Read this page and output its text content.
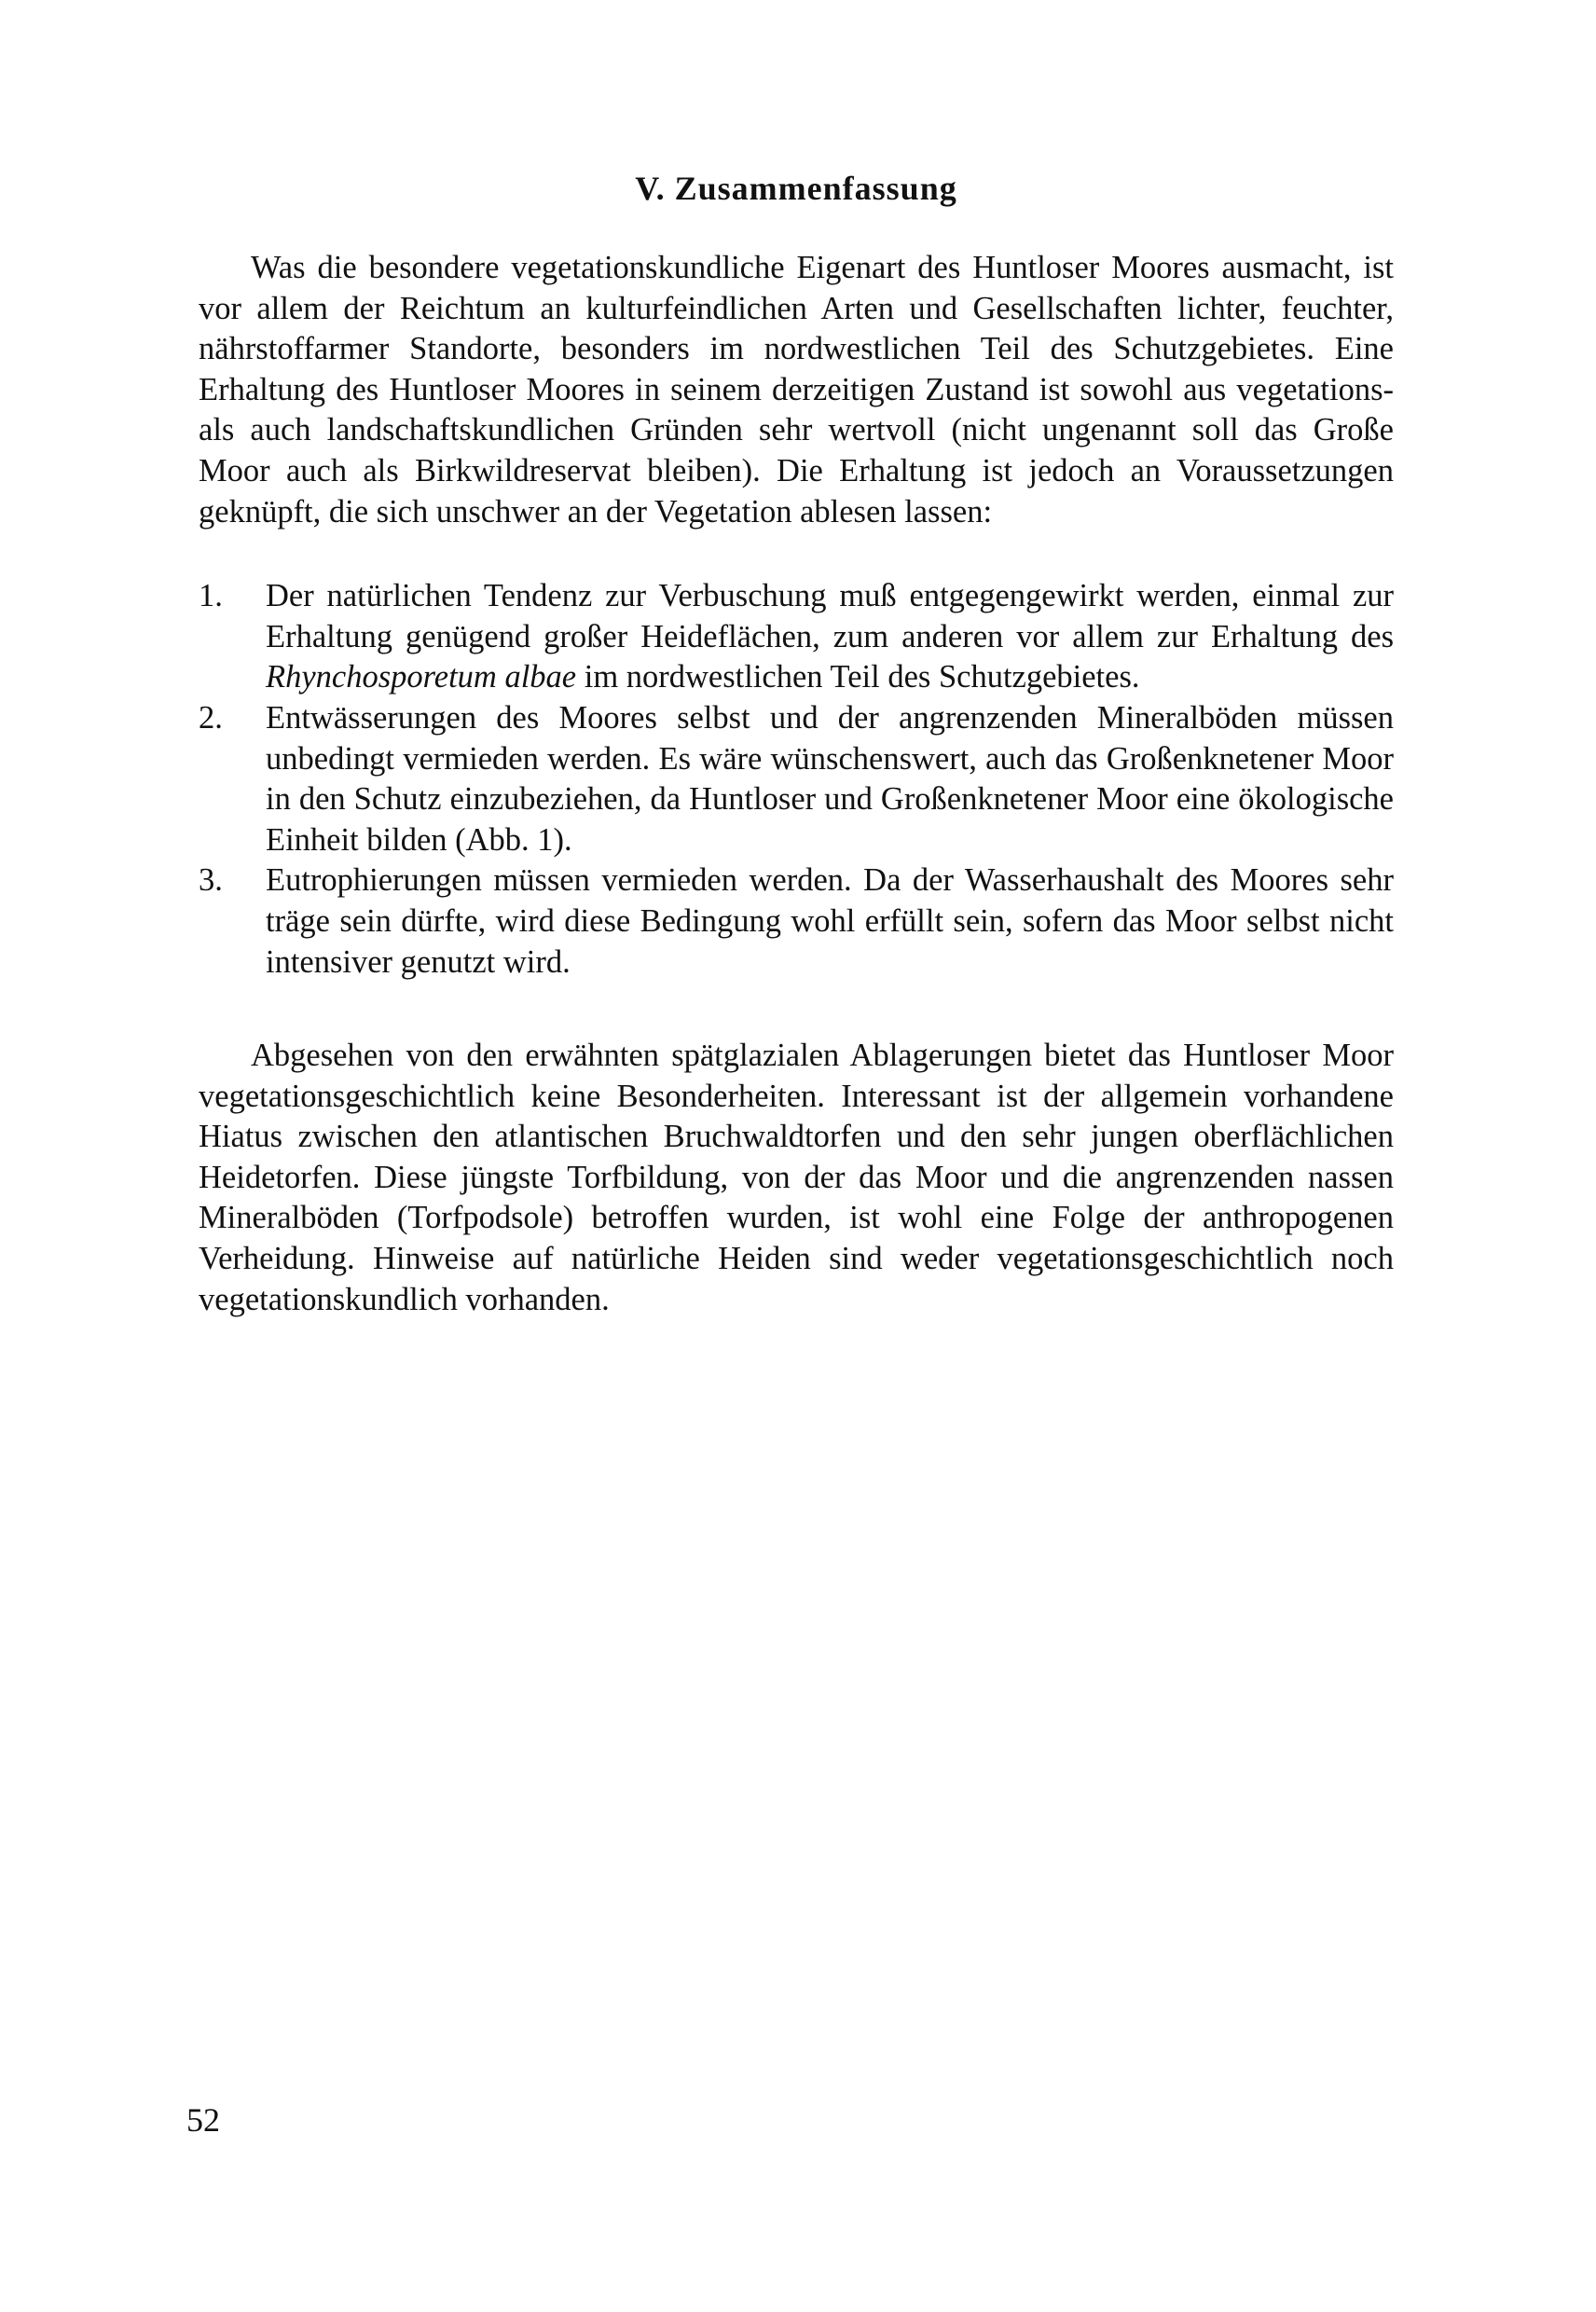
V. Zusammenfassung

Was die besondere vegetationskundliche Eigenart des Huntloser Moores ausmacht, ist vor allem der Reichtum an kulturfeindlichen Arten und Gesellschaften lichter, feuchter, nährstoffarmer Standorte, besonders im nordwestlichen Teil des Schutzgebietes. Eine Erhaltung des Huntloser Moores in seinem derzeitigen Zustand ist sowohl aus vegetations- als auch landschaftskundlichen Gründen sehr wertvoll (nicht ungenannt soll das Große Moor auch als Birkwildreservat bleiben). Die Erhaltung ist jedoch an Voraussetzungen geknüpft, die sich unschwer an der Vegetation ablesen lassen:

1. Der natürlichen Tendenz zur Verbuschung muß entgegengewirkt werden, einmal zur Erhaltung genügend großer Heideflächen, zum anderen vor allem zur Erhaltung des Rhynchosporetum albae im nordwestlichen Teil des Schutzgebietes.
2. Entwässerungen des Moores selbst und der angrenzenden Mineralböden müssen unbedingt vermieden werden. Es wäre wünschenswert, auch das Großenknetener Moor in den Schutz einzubeziehen, da Huntloser und Großenknetener Moor eine ökologische Einheit bilden (Abb. 1).
3. Eutrophierungen müssen vermieden werden. Da der Wasserhaushalt des Moores sehr träge sein dürfte, wird diese Bedingung wohl erfüllt sein, sofern das Moor selbst nicht intensiver genutzt wird.

Abgesehen von den erwähnten spätglazialen Ablagerungen bietet das Huntloser Moor vegetationsgeschichtlich keine Besonderheiten. Interessant ist der allgemein vorhandene Hiatus zwischen den atlantischen Bruchwaldtorfen und den sehr jungen oberflächlichen Heidetorfen. Diese jüngste Torfbildung, von der das Moor und die angrenzenden nassen Mineralböden (Torfpodsole) betroffen wurden, ist wohl eine Folge der anthropogenen Verheidung. Hinweise auf natürliche Heiden sind weder vegetationsgeschichtlich noch vegetationskundlich vorhanden.

52
